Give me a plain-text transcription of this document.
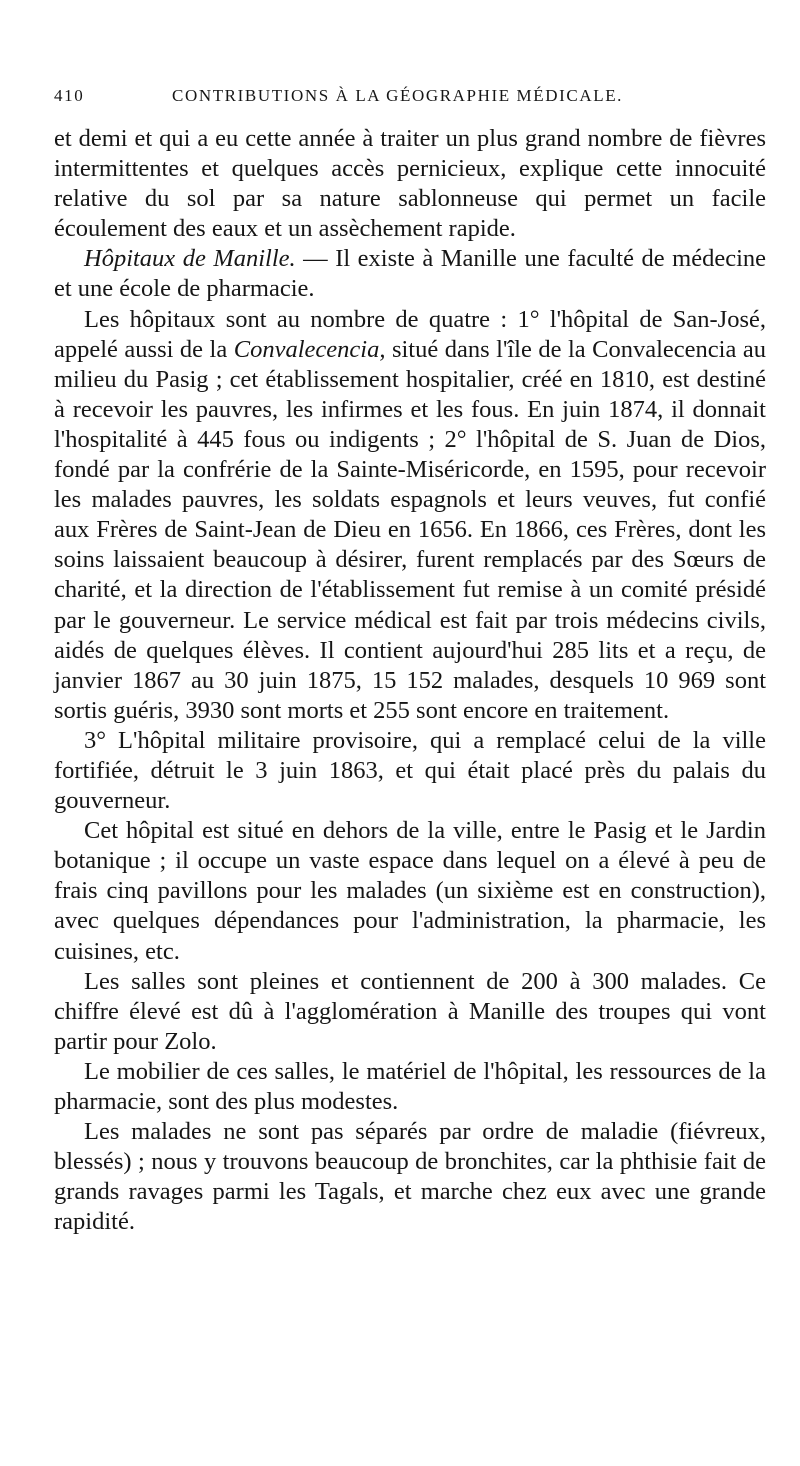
410	CONTRIBUTIONS À LA GÉOGRAPHIE MÉDICALE.

et demi et qui a eu cette année à traiter un plus grand nombre de fièvres intermittentes et quelques accès pernicieux, explique cette innocuité relative du sol par sa nature sablonneuse qui permet un facile écoulement des eaux et un assèchement rapide.

Hôpitaux de Manille. — Il existe à Manille une faculté de médecine et une école de pharmacie.

Les hôpitaux sont au nombre de quatre : 1° l'hôpital de San-José, appelé aussi de la Convalecencia, situé dans l'île de la Convalecencia au milieu du Pasig ; cet établissement hospitalier, créé en 1810, est destiné à recevoir les pauvres, les infirmes et les fous. En juin 1874, il donnait l'hospitalité à 445 fous ou indigents ; 2° l'hôpital de S. Juan de Dios, fondé par la confrérie de la Sainte-Miséricorde, en 1595, pour recevoir les malades pauvres, les soldats espagnols et leurs veuves, fut confié aux Frères de Saint-Jean de Dieu en 1656. En 1866, ces Frères, dont les soins laissaient beaucoup à désirer, furent remplacés par des Sœurs de charité, et la direction de l'établissement fut remise à un comité présidé par le gouverneur. Le service médical est fait par trois médecins civils, aidés de quelques élèves. Il contient aujourd'hui 285 lits et a reçu, de janvier 1867 au 30 juin 1875, 15 152 malades, desquels 10 969 sont sortis guéris, 3930 sont morts et 255 sont encore en traitement.

3° L'hôpital militaire provisoire, qui a remplacé celui de la ville fortifiée, détruit le 3 juin 1863, et qui était placé près du palais du gouverneur.

Cet hôpital est situé en dehors de la ville, entre le Pasig et le Jardin botanique ; il occupe un vaste espace dans lequel on a élevé à peu de frais cinq pavillons pour les malades (un sixième est en construction), avec quelques dépendances pour l'administration, la pharmacie, les cuisines, etc.

Les salles sont pleines et contiennent de 200 à 300 malades. Ce chiffre élevé est dû à l'agglomération à Manille des troupes qui vont partir pour Zolo.

Le mobilier de ces salles, le matériel de l'hôpital, les ressources de la pharmacie, sont des plus modestes.

Les malades ne sont pas séparés par ordre de maladie (fiévreux, blessés) ; nous y trouvons beaucoup de bronchites, car la phthisie fait de grands ravages parmi les Tagals, et marche chez eux avec une grande rapidité.
